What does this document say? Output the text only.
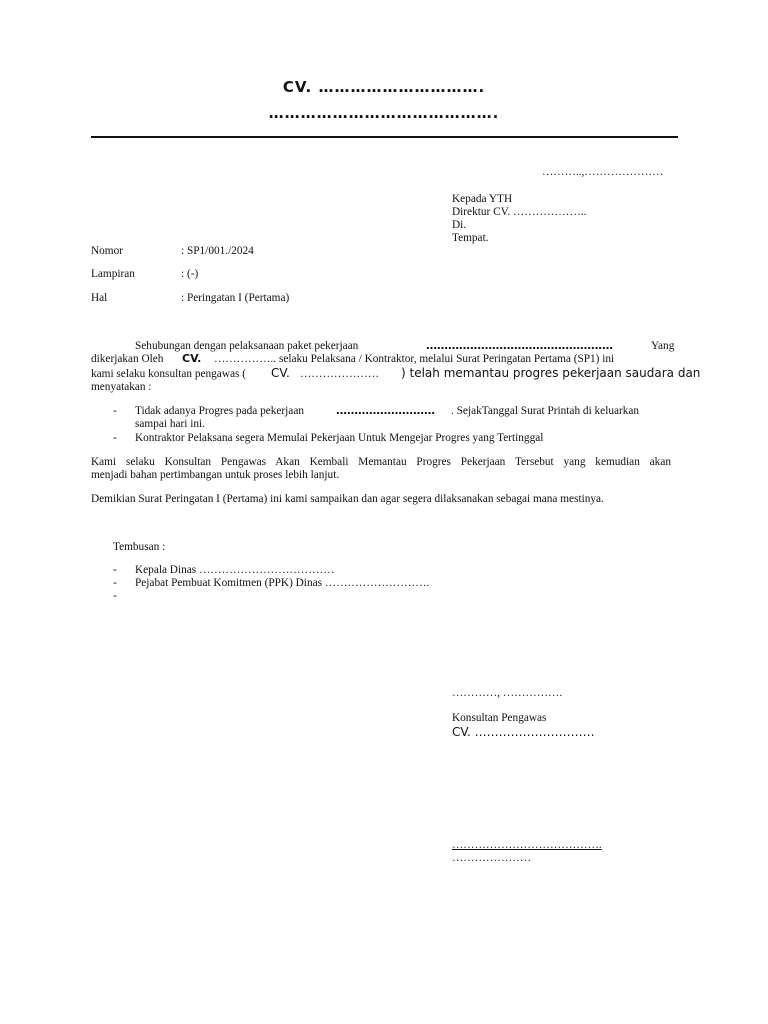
CV. ………………………….
…………………………………….
………..,…………………
Kepada YTH
Direktur CV. ………………..
Di.
Tempat.
Nomor	: SP1/001./2024
Lampiran	: (-)
Hal	: Peringatan I (Pertama)
Sehubungan dengan pelaksanaan paket pekerjaan	……………………………………………	Yang
dikerjakan Oleh CV. …………….. selaku Pelaksana / Kontraktor, melalui Surat Peringatan Pertama (SP1) ini
kami selaku konsultan pengawas ( CV. ………………… ) telah memantau progres pekerjaan saudara dan
menyatakan :
- Tidak adanya Progres pada pekerjaan	……………………… . SejakTanggal Surat Printah di keluarkan
sampai hari ini.
- Kontraktor Pelaksana segera Memulai Pekerjaan Untuk Mengejar Progres yang Tertinggal
Kami selaku Konsultan Pengawas Akan Kembali Memantau Progres Pekerjaan Tersebut yang kemudian akan
menjadi bahan pertimbangan untuk proses lebih lanjut.
Demikian Surat Peringatan I (Pertama) ini kami sampaikan dan agar segera dilaksanakan sebagai mana mestinya.
Tembusan :
- Kepala Dinas ………………………………
- Pejabat Pembuat Komitmen (PPK) Dinas ……………………….
-
…………, …………….
Konsultan Pengawas
CV. …………………………
………………………………….
…………………
